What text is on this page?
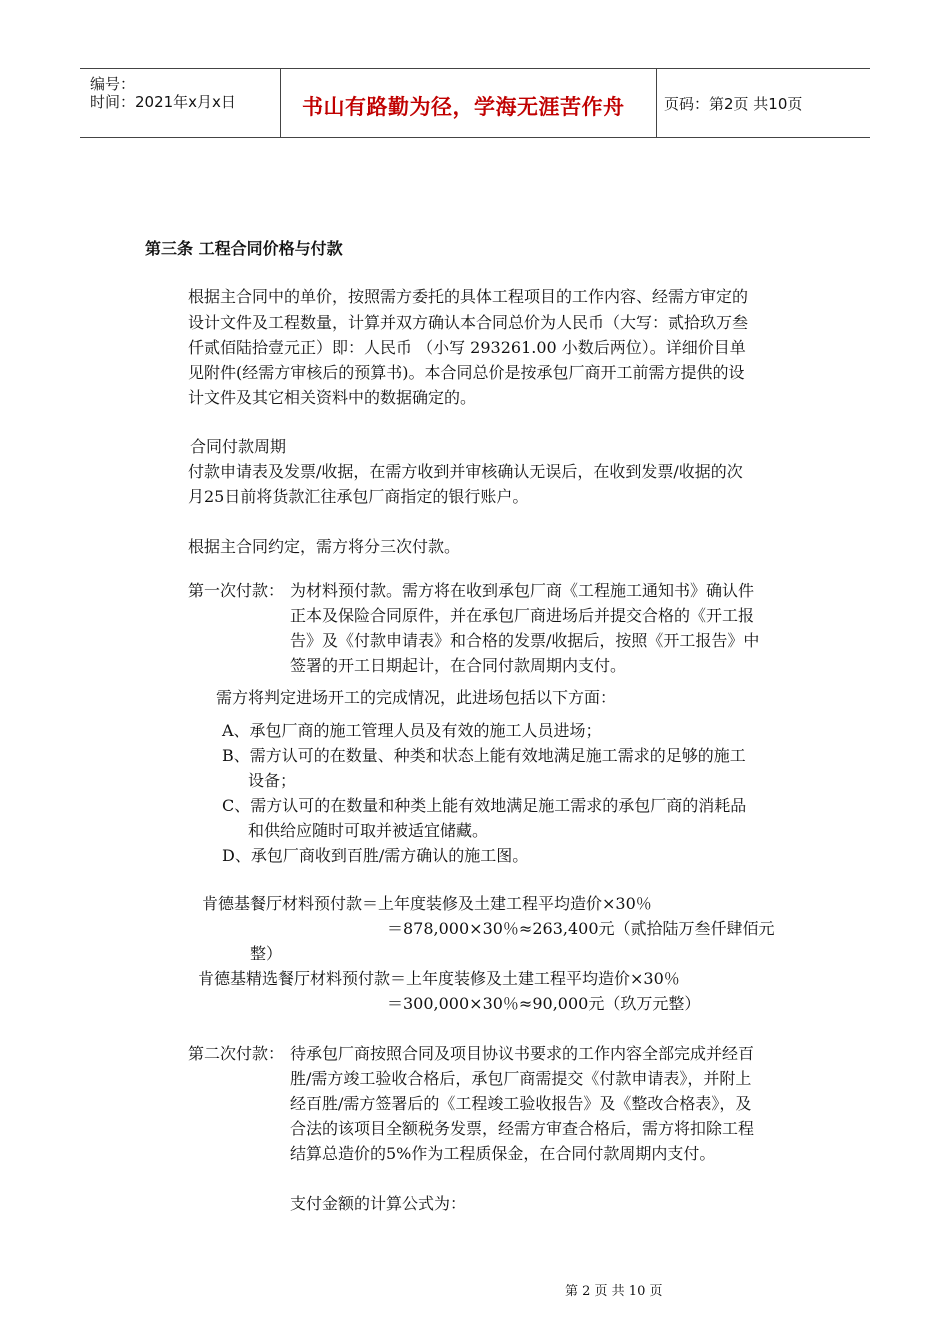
编号：
时间：2021年x月x日	书山有路勤为径，学海无涯苦作舟	页码：第2页 共10页
第三条 工程合同价格与付款
根据主合同中的单价，按照需方委托的具体工程项目的工作内容、经需方审定的
设计文件及工程数量，计算并双方确认本合同总价为人民币（大写：贰拾玖万叁
仟贰佰陆拾壹元正）即：人民币 （小写 293261.00 小数后两位）。详细价目单
见附件(经需方审核后的预算书)。本合同总价是按承包厂商开工前需方提供的设
计文件及其它相关资料中的数据确定的。
合同付款周期
付款申请表及发票/收据，在需方收到并审核确认无误后，在收到发票/收据的次
月25日前将货款汇往承包厂商指定的银行账户。
根据主合同约定，需方将分三次付款。
第一次付款： 为材料预付款。需方将在收到承包厂商《工程施工通知书》确认件
正本及保险合同原件，并在承包厂商进场后并提交合格的《开工报
告》及《付款申请表》和合格的发票/收据后，按照《开工报告》中
签署的开工日期起计，在合同付款周期内支付。
需方将判定进场开工的完成情况，此进场包括以下方面：
A、承包厂商的施工管理人员及有效的施工人员进场；
B、需方认可的在数量、种类和状态上能有效地满足施工需求的足够的施工
设备；
C、需方认可的在数量和种类上能有效地满足施工需求的承包厂商的消耗品
和供给应随时可取并被适宜储藏。
D、承包厂商收到百胜/需方确认的施工图。
肯德基餐厅材料预付款＝上年度装修及土建工程平均造价×30％
＝878,000×30％≈263,400元（贰拾陆万叁仟肆佰元
整）
肯德基精选餐厅材料预付款＝上年度装修及土建工程平均造价×30％
＝300,000×30％≈90,000元（玖万元整）
第二次付款： 待承包厂商按照合同及项目协议书要求的工作内容全部完成并经百
胜/需方竣工验收合格后，承包厂商需提交《付款申请表》，并附上
经百胜/需方签署后的《工程竣工验收报告》及《整改合格表》，及
合法的该项目全额税务发票，经需方审查合格后，需方将扣除工程
结算总造价的5%作为工程质保金，在合同付款周期内支付。
支付金额的计算公式为：
第 2 页 共 10 页
